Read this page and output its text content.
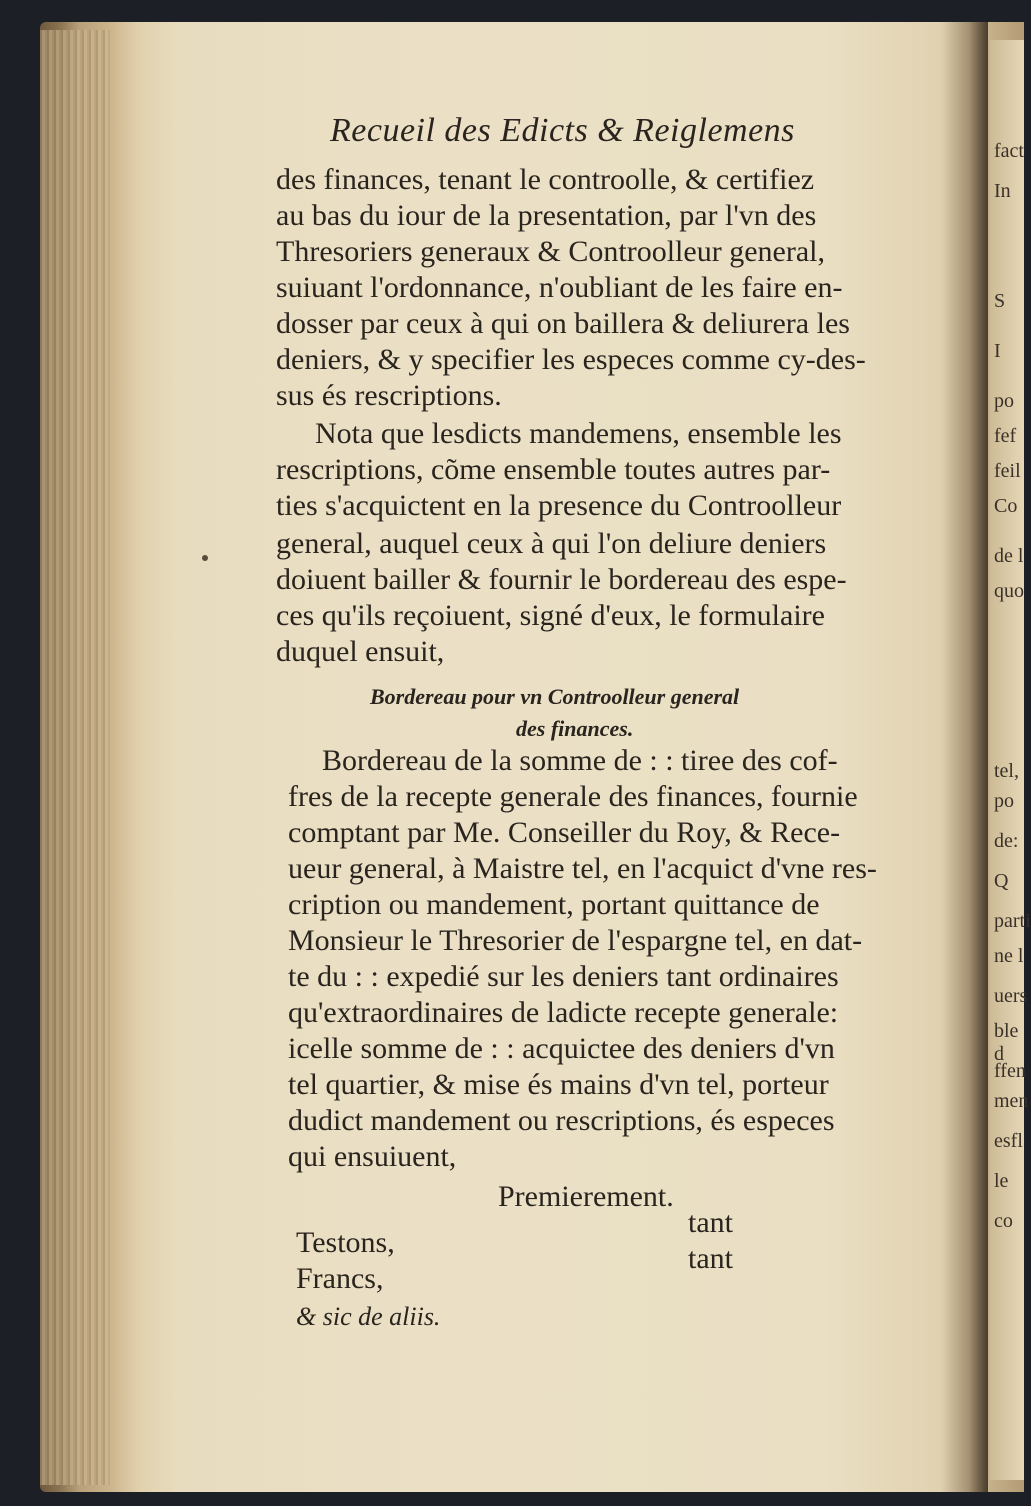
fact
In
S
I
po
fef
feil
Co
de l
quo
tel,
po
de:
Q
parti
ne l
uers
ble d
ffen
men
esfl
le
co
Recueil des Edicts & Reiglemens
des finances, tenant le controolle, & certifiez
au bas du iour de la presentation, par l'vn des
Thresoriers generaux & Controolleur general,
suiuant l'ordonnance, n'oubliant de les faire en-
dosser par ceux à qui on baillera & deliurera les
deniers, & y specifier les especes comme cy-des-
sus és rescriptions.
Nota que lesdicts mandemens, ensemble les
rescriptions, cõme ensemble toutes autres par-
ties s'acquictent en la presence du Controolleur
general, auquel ceux à qui l'on deliure deniers
doiuent bailler & fournir le bordereau des espe-
ces qu'ils reçoiuent, signé d'eux, le formulaire
duquel ensuit,
Bordereau pour vn Controolleur general
des finances.
Bordereau de la somme de : : tiree des cof-
fres de la recepte generale des finances, fournie
comptant par Me. Conseiller du Roy, & Rece-
ueur general, à Maistre tel, en l'acquict d'vne res-
cription ou mandement, portant quittance de
Monsieur le Thresorier de l'espargne tel, en dat-
te du : : expedié sur les deniers tant ordinaires
qu'extraordinaires de ladicte recepte generale:
icelle somme de : : acquictee des deniers d'vn
tel quartier, & mise és mains d'vn tel, porteur
dudict mandement ou rescriptions, és especes
qui ensuiuent,
Premierement.
Testons,
tant
Francs,
tant
& sic de aliis.
